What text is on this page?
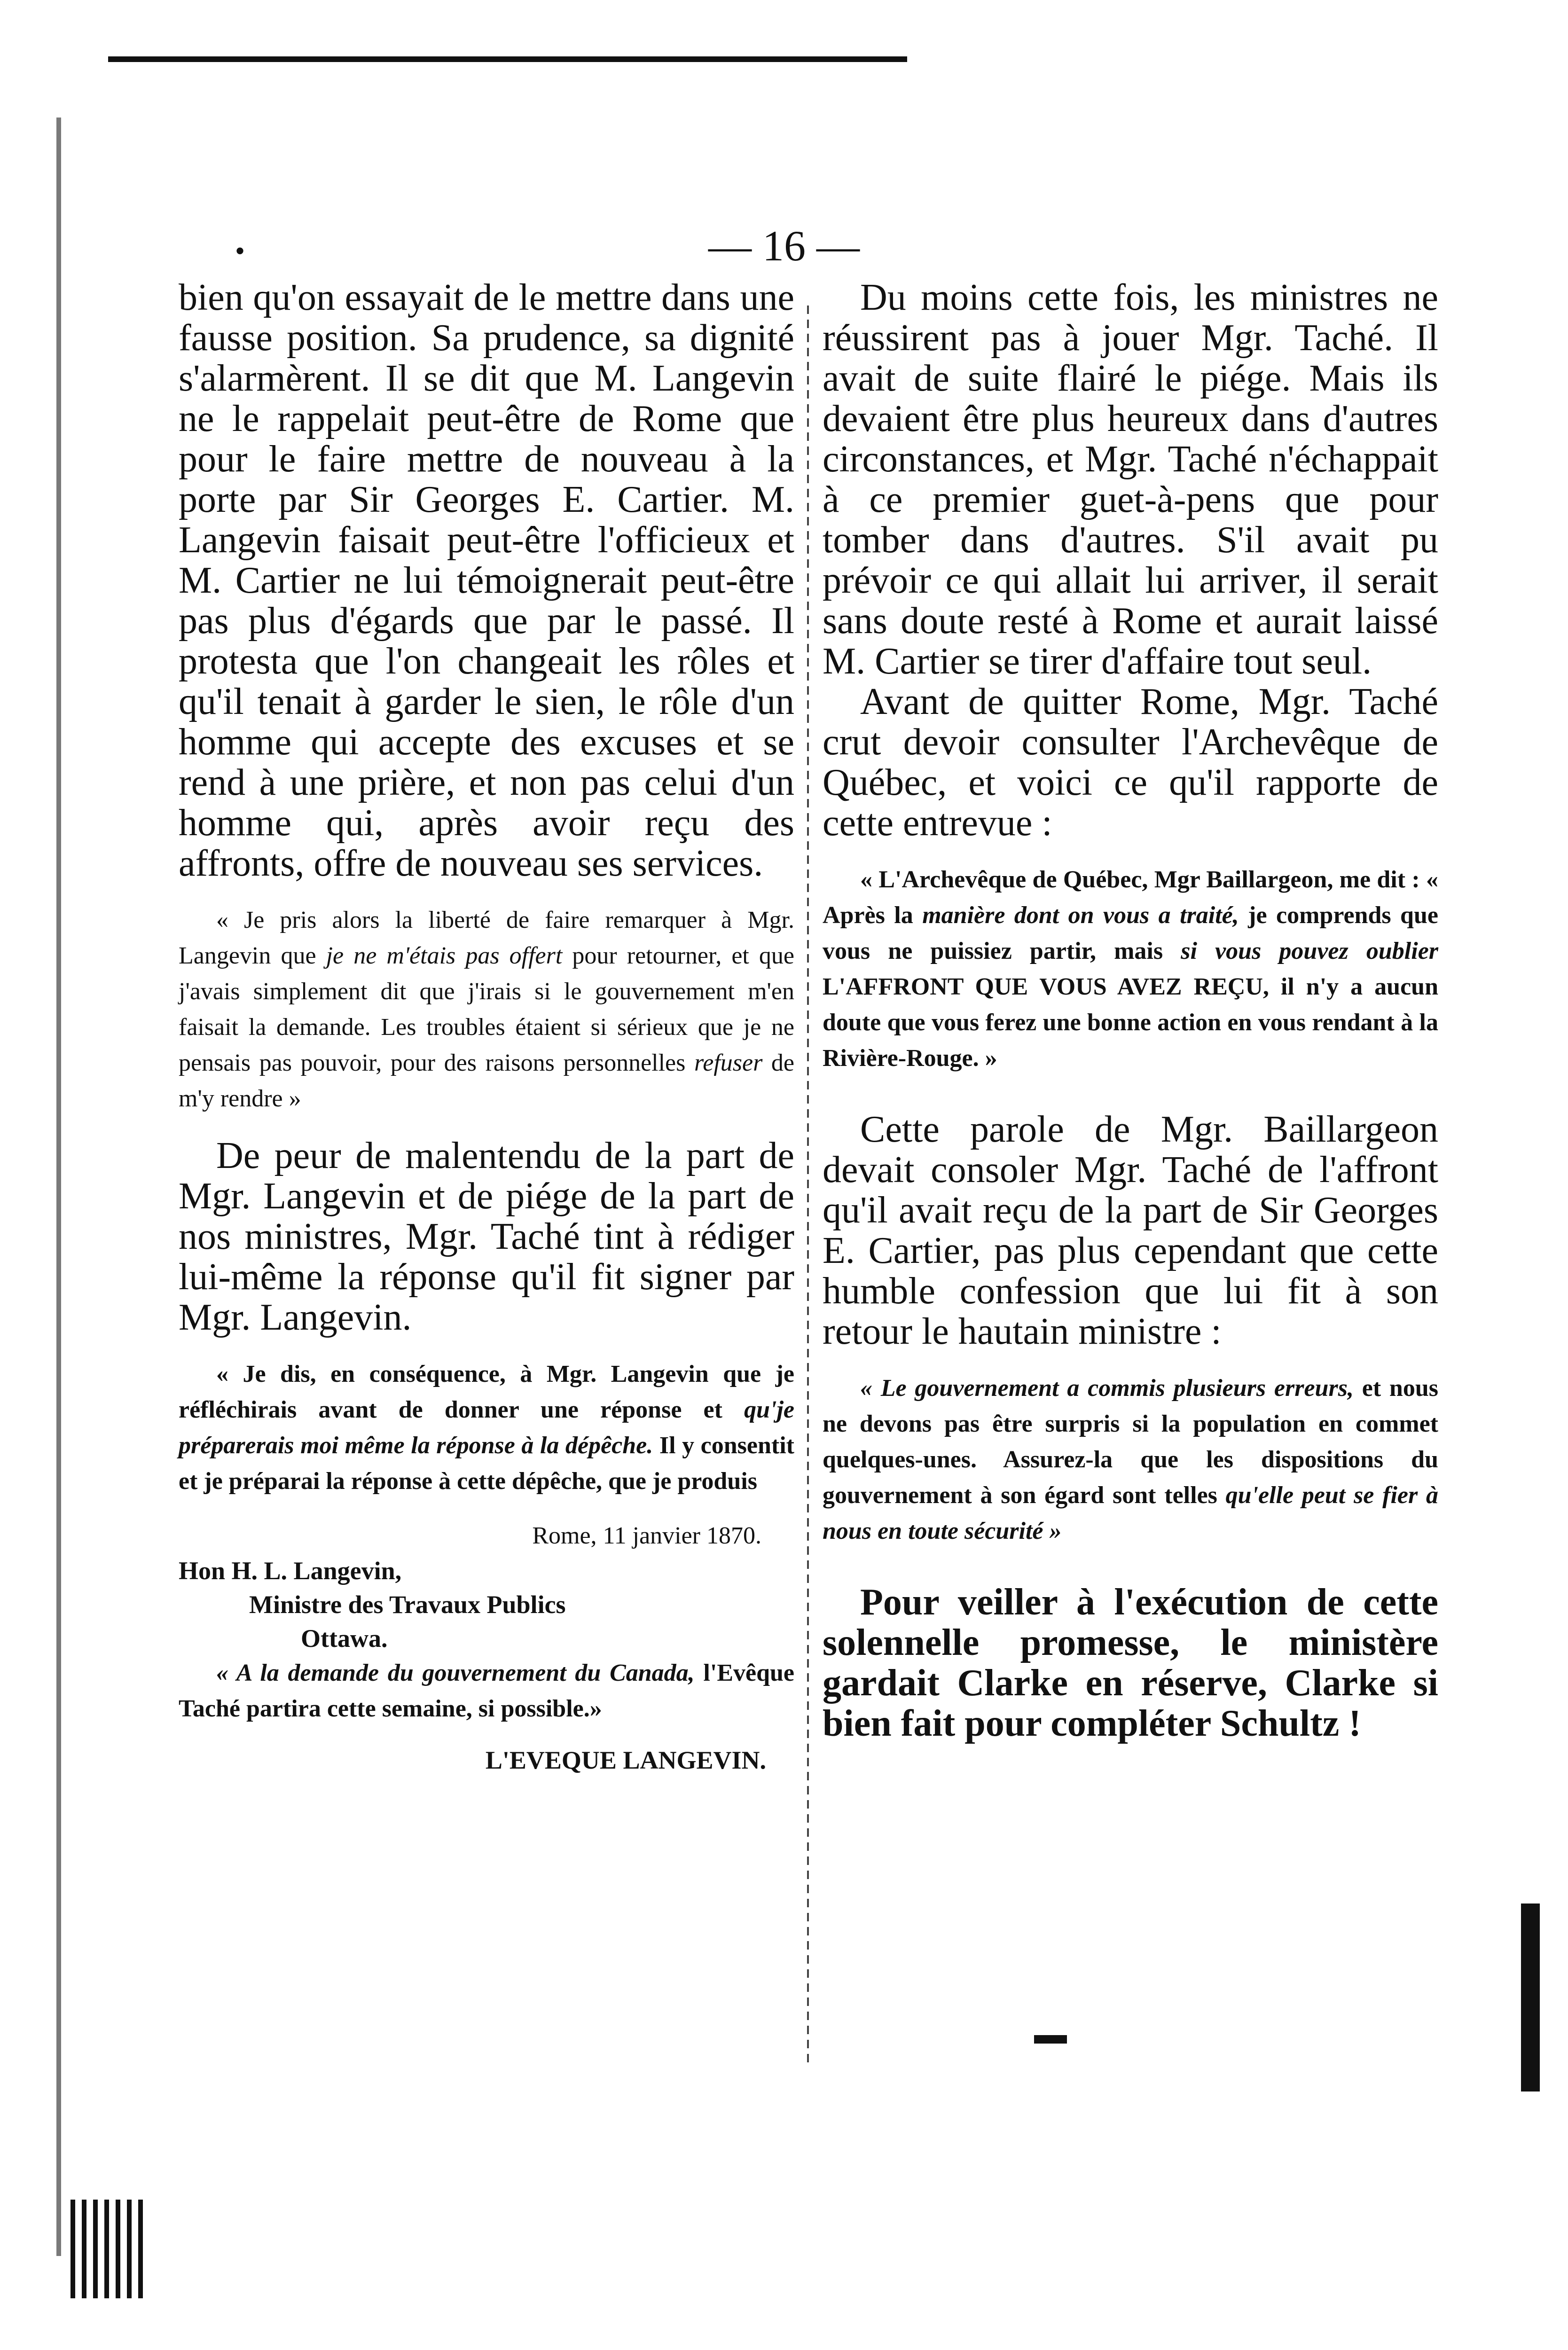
•	— 16 —

bien qu'on essayait de le mettre dans une fausse position. Sa prudence, sa dignité s'alarmèrent. Il se dit que M. Langevin ne le rappelait peut-être de Rome que pour le faire mettre de nouveau à la porte par Sir Georges E. Cartier. M. Langevin faisait peut-être l'officieux et M. Cartier ne lui témoignerait peut-être pas plus d'égards que par le passé. Il protesta que l'on changeait les rôles et qu'il tenait à garder le sien, le rôle d'un homme qui accepte des excuses et se rend à une prière, et non pas celui d'un homme qui, après avoir reçu des affronts, offre de nouveau ses services.

« Je pris alors la liberté de faire remarquer à Mgr. Langevin que je ne m'étais pas offert pour retourner, et que j'avais simplement dit que j'irais si le gouvernement m'en faisait la demande. Les troubles étaient si sérieux que je ne pensais pas pouvoir, pour des raisons personnelles refuser de m'y rendre »

De peur de malentendu de la part de Mgr. Langevin et de piége de la part de nos ministres, Mgr. Taché tint à rédiger lui-même la réponse qu'il fit signer par Mgr. Langevin.

« Je dis, en conséquence, à Mgr. Langevin que je réfléchirais avant de donner une réponse et qu'je préparerais moi même la réponse à la dépêche. Il y consentit et je préparai la réponse à cette dépêche, que je produis

Rome, 11 janvier 1870.

Hon H. L. Langevin,
Ministre des Travaux Publics
Ottawa.

« A la demande du gouvernement du Canada, l'Evêque Taché partira cette semaine, si possible.»

L'EVEQUE LANGEVIN.

Du moins cette fois, les ministres ne réussirent pas à jouer Mgr. Taché. Il avait de suite flairé le piége. Mais ils devaient être plus heureux dans d'autres circonstances, et Mgr. Taché n'échappait à ce premier guet-à-pens que pour tomber dans d'autres. S'il avait pu prévoir ce qui allait lui arriver, il serait sans doute resté à Rome et aurait laissé M. Cartier se tirer d'affaire tout seul.

Avant de quitter Rome, Mgr. Taché crut devoir consulter l'Archevêque de Québec, et voici ce qu'il rapporte de cette entrevue :

« L'Archevêque de Québec, Mgr Baillargeon, me dit : « Après la manière dont on vous a traité, je comprends que vous ne puissiez partir, mais si vous pouvez oublier L'AFFRONT QUE VOUS AVEZ REÇU, il n'y a aucun doute que vous ferez une bonne action en vous rendant à la Rivière-Rouge. »

Cette parole de Mgr. Baillargeon devait consoler Mgr. Taché de l'affront qu'il avait reçu de la part de Sir Georges E. Cartier, pas plus cependant que cette humble confession que lui fit à son retour le hautain ministre :

« Le gouvernement a commis plusieurs erreurs, et nous ne devons pas être surpris si la population en commet quelques-unes. Assurez-la que les dispositions du gouvernement à son égard sont telles qu'elle peut se fier à nous en toute sécurité »

Pour veiller à l'exécution de cette solennelle promesse, le ministère gardait Clarke en réserve, Clarke si bien fait pour compléter Schultz !
